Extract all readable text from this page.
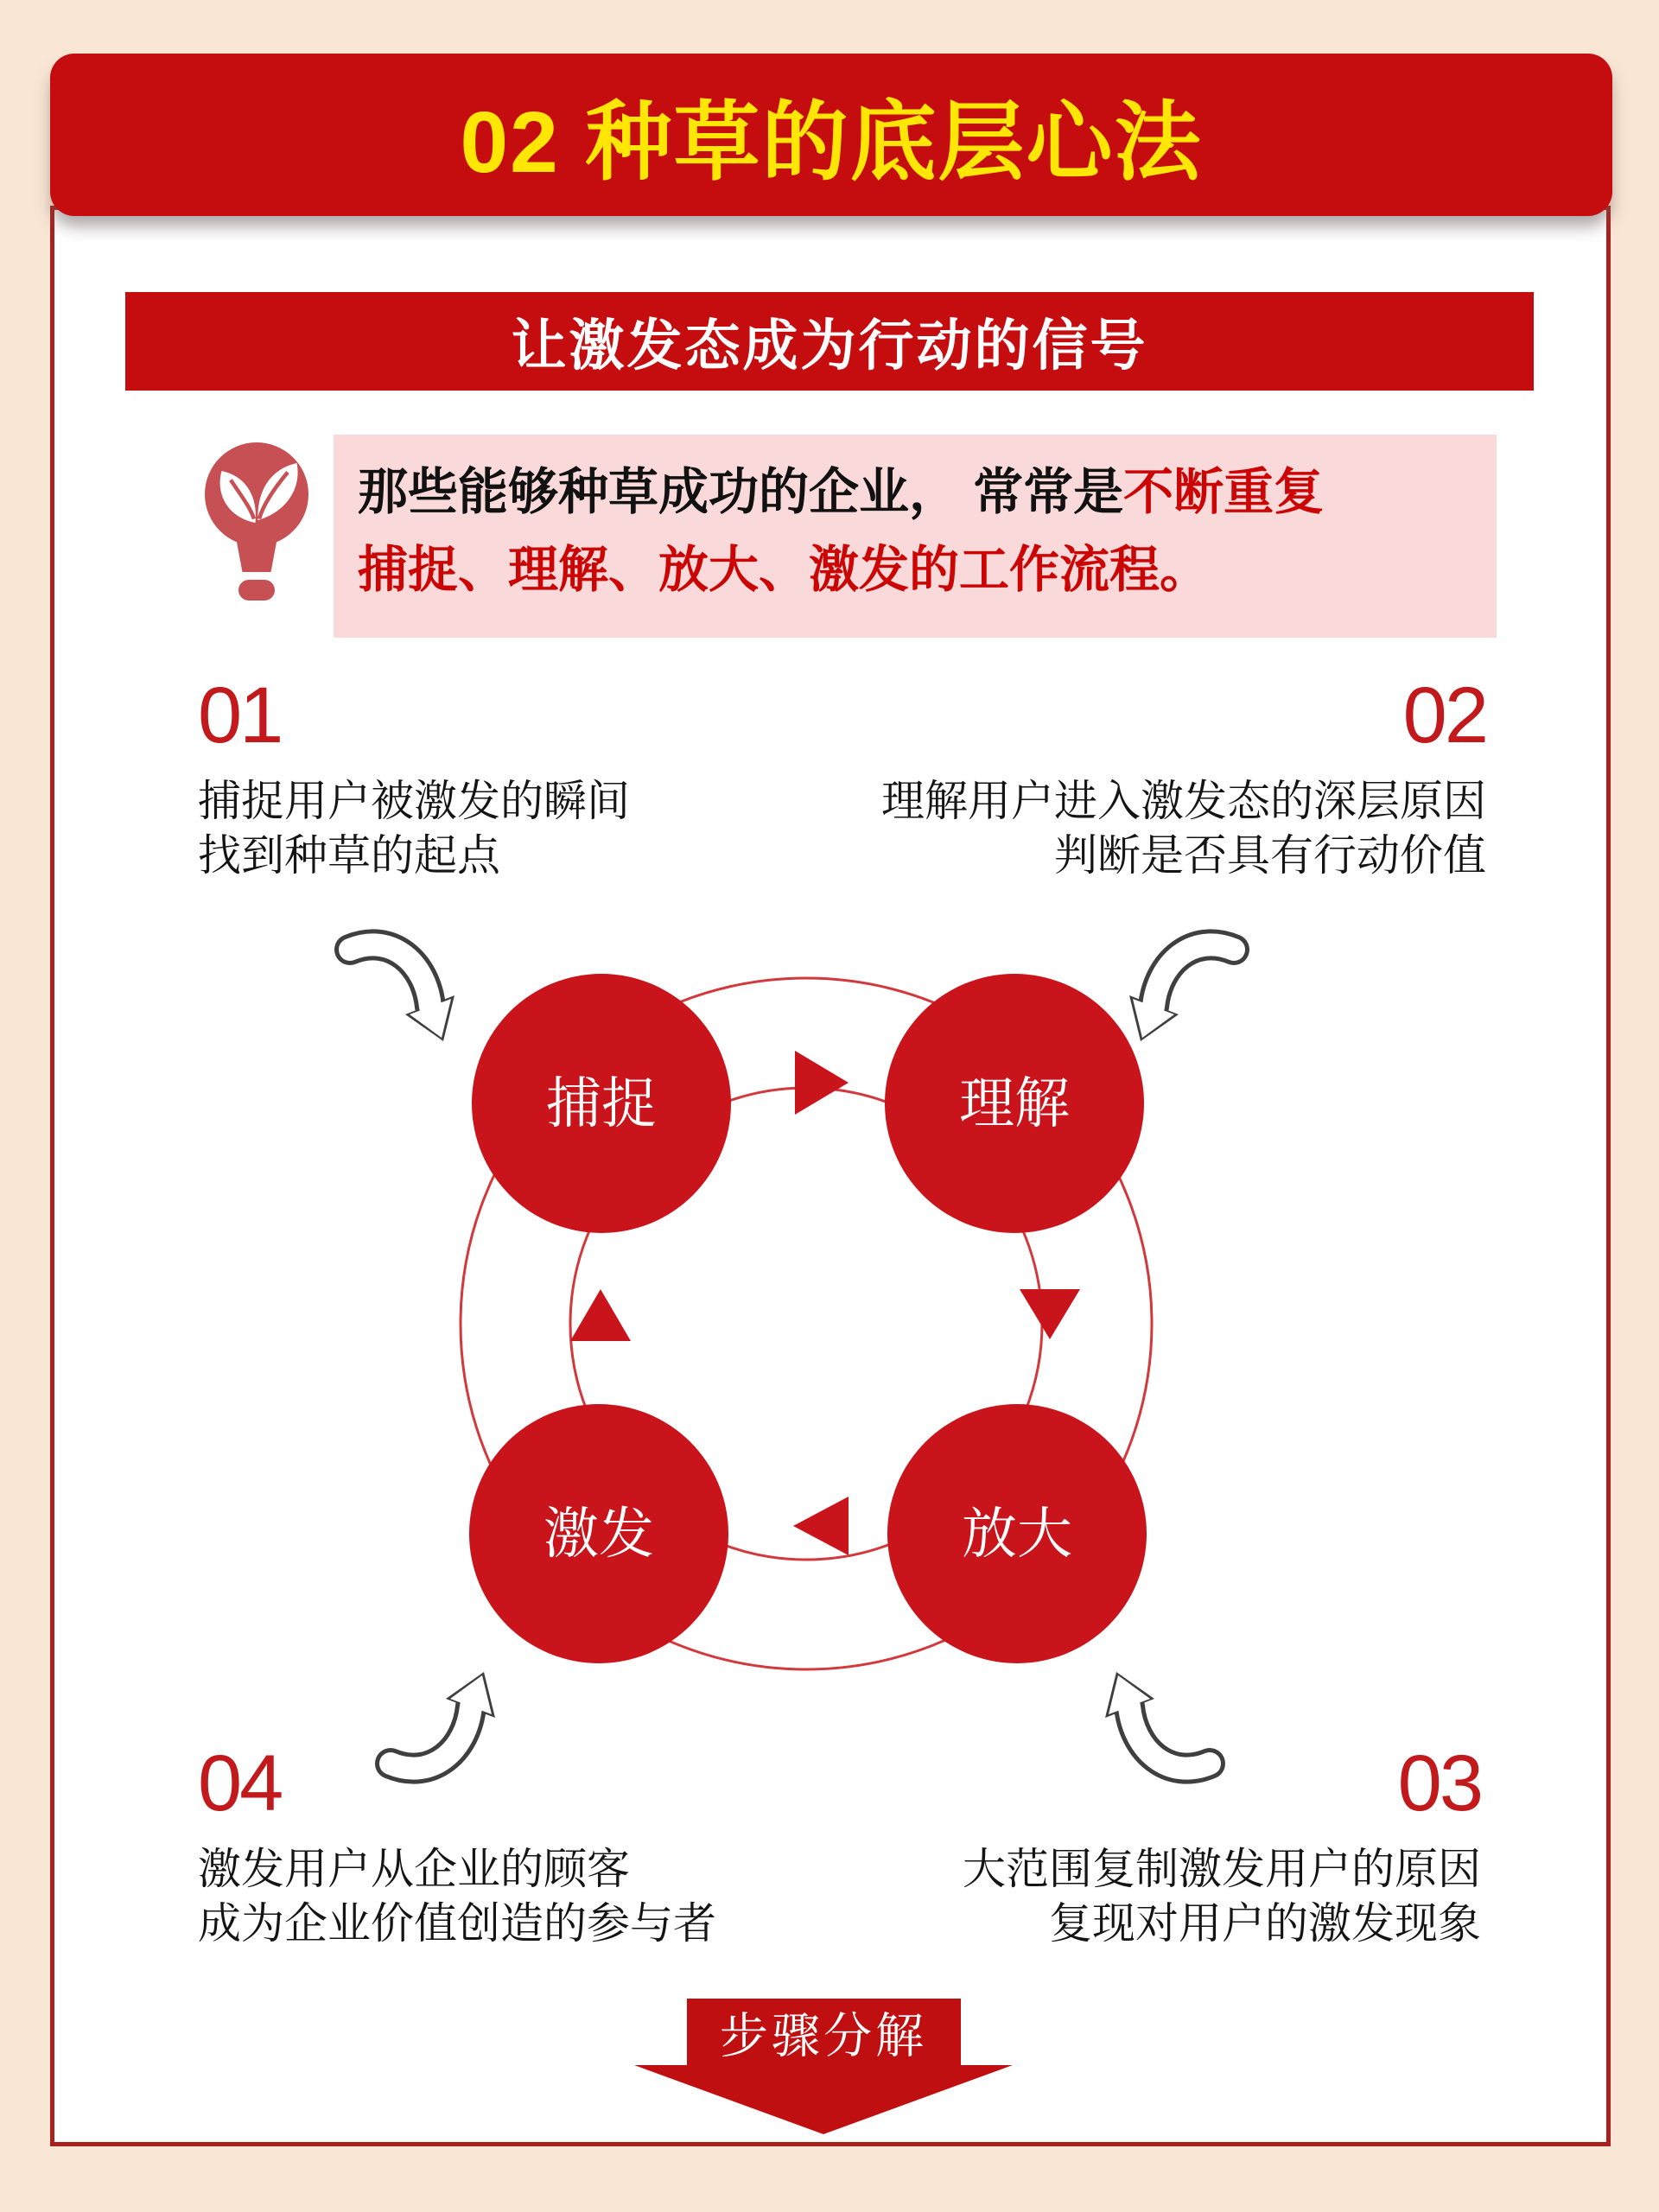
02 种草的底层心法
让激发态成为行动的信号
那些能够种草成功的企业， 常常是不断重复
捕捉、理解、放大、激发的工作流程。
01
捕捉用户被激发的瞬间
找到种草的起点
02
理解用户进入激发态的深层原因
判断是否具有行动价值
03
大范围复制激发用户的原因
复现对用户的激发现象
04
激发用户从企业的顾客
成为企业价值创造的参与者
捕捉	理解
放大
激发
步骤分解
